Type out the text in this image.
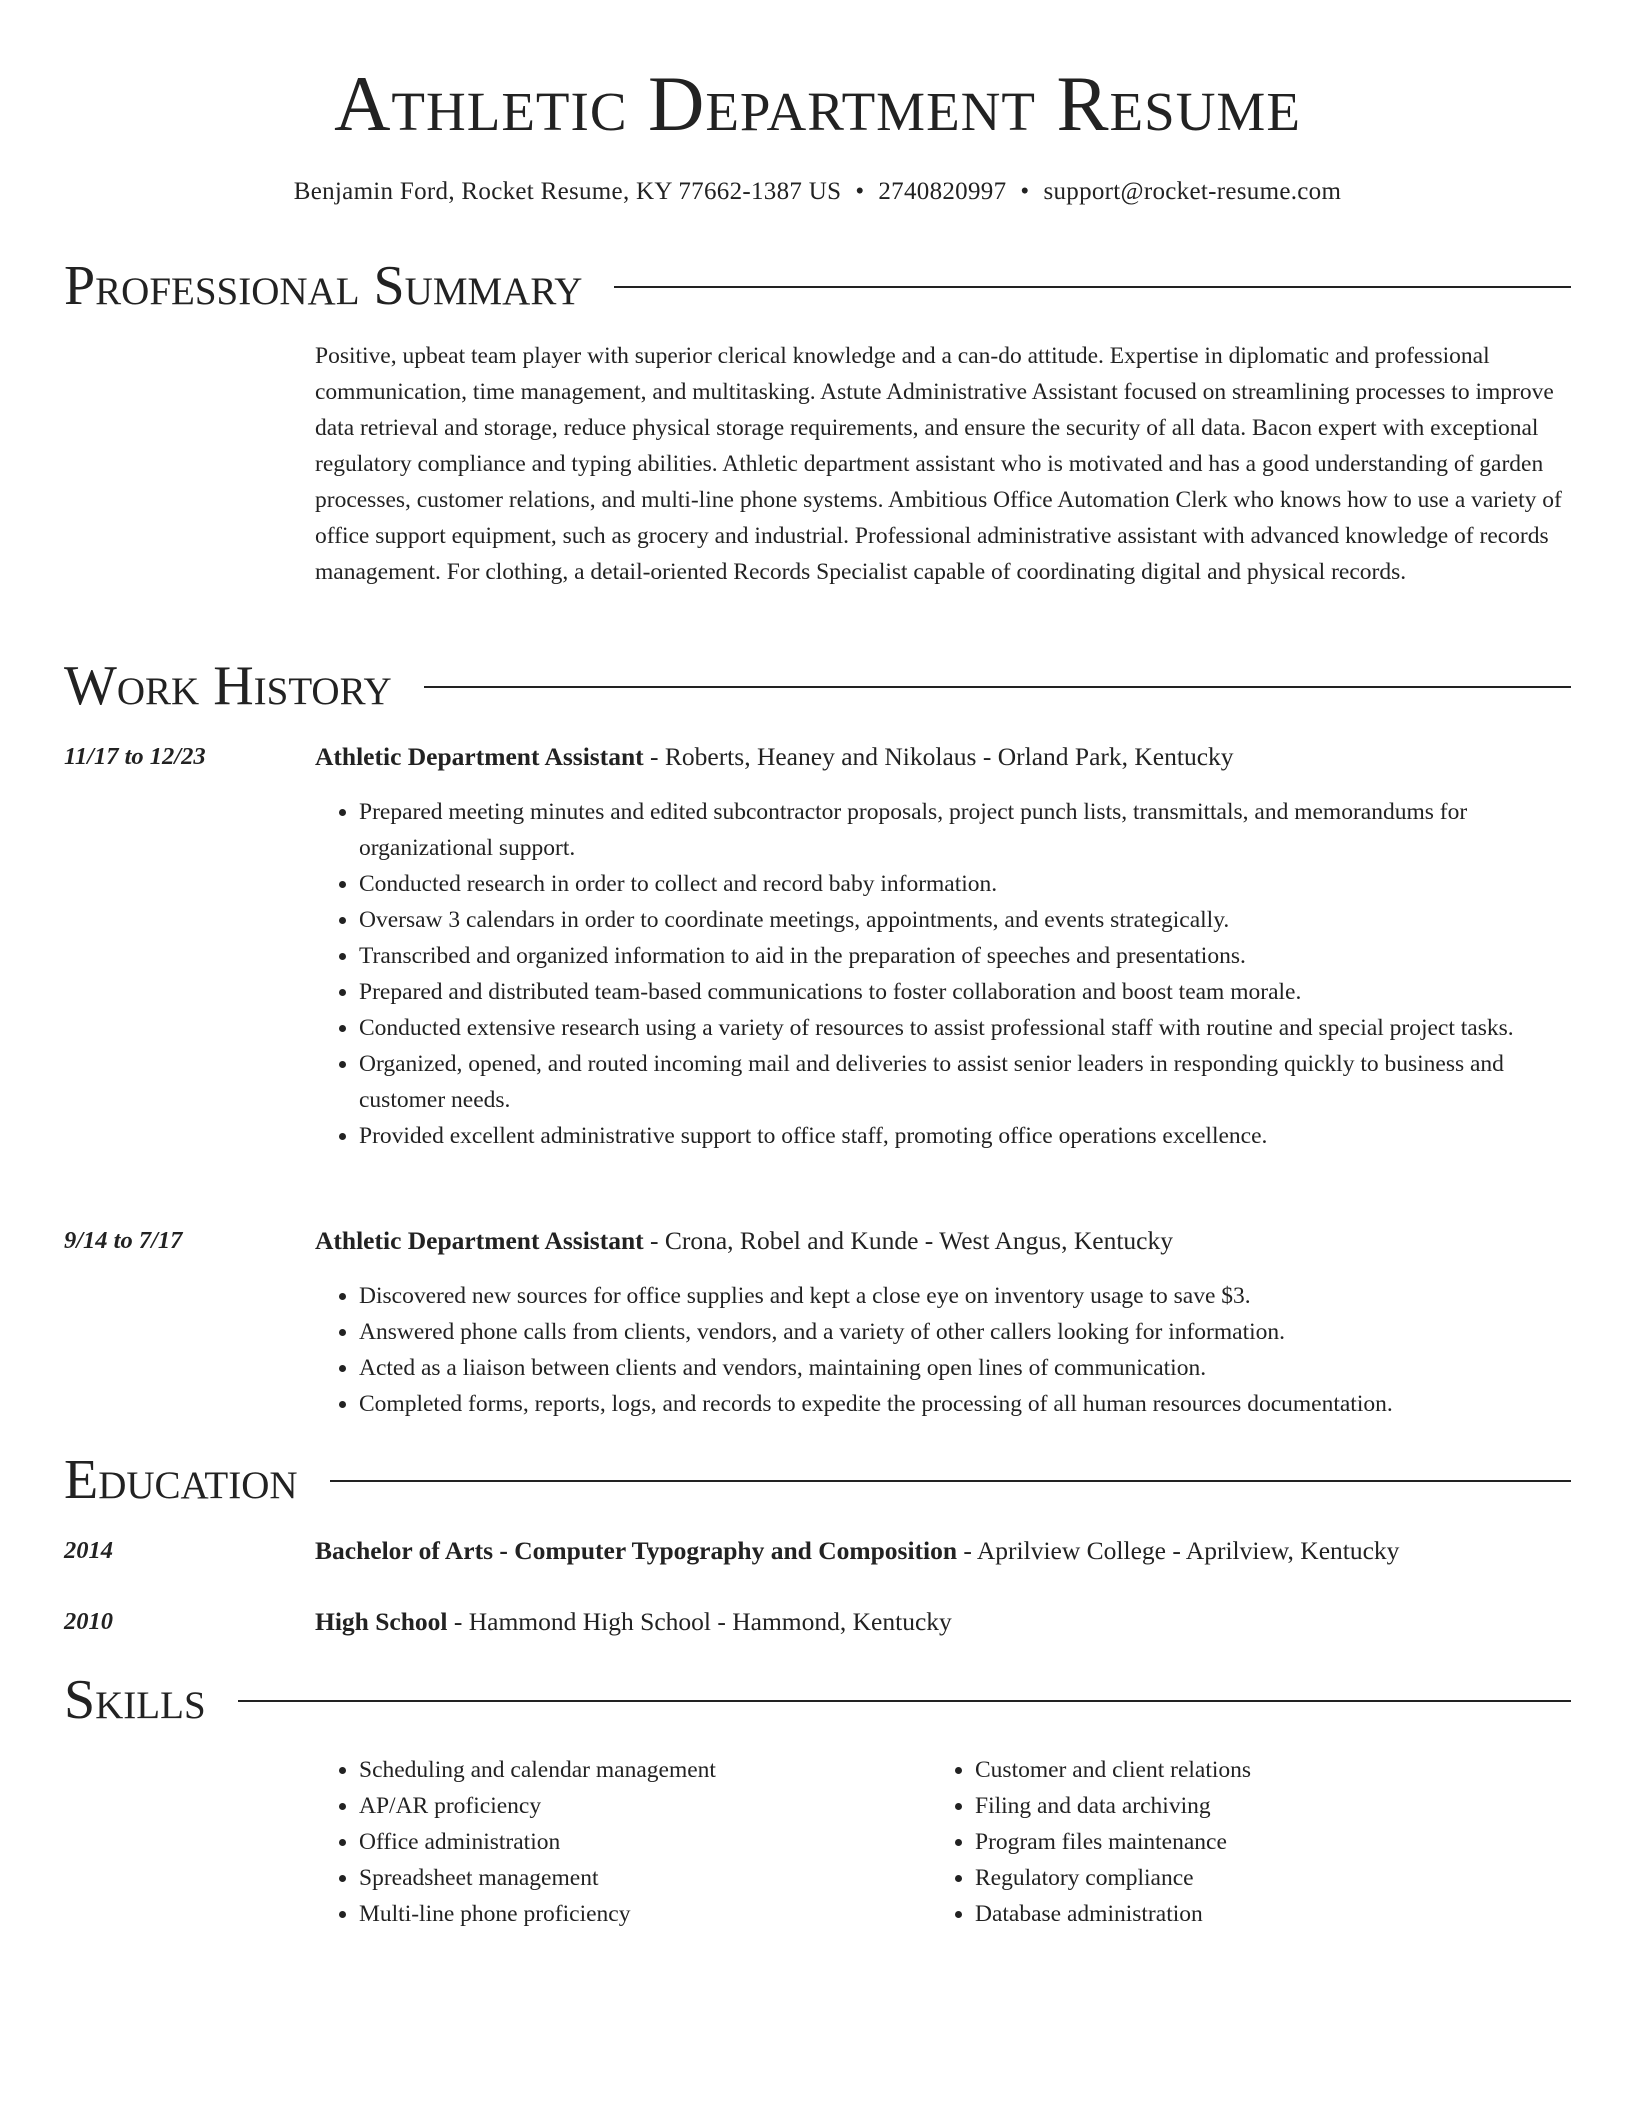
Athletic Department Resume
Benjamin Ford, Rocket Resume, KY 77662-1387 US • 2740820997 • support@rocket-resume.com
Professional Summary

Positive, upbeat team player with superior clerical knowledge and a can-do attitude. Expertise in diplomatic and professional communication, time management, and multitasking. Astute Administrative Assistant focused on streamlining processes to improve data retrieval and storage, reduce physical storage requirements, and ensure the security of all data. Bacon expert with exceptional regulatory compliance and typing abilities. Athletic department assistant who is motivated and has a good understanding of garden processes, customer relations, and multi-line phone systems. Ambitious Office Automation Clerk who knows how to use a variety of office support equipment, such as grocery and industrial. Professional administrative assistant with advanced knowledge of records management. For clothing, a detail-oriented Records Specialist capable of coordinating digital and physical records.

Work History
11/17 to 12/23	Athletic Department Assistant - Roberts, Heaney and Nikolaus - Orland Park, Kentucky
• Prepared meeting minutes and edited subcontractor proposals, project punch lists, transmittals, and memorandums for organizational support.
• Conducted research in order to collect and record baby information.
• Oversaw 3 calendars in order to coordinate meetings, appointments, and events strategically.
• Transcribed and organized information to aid in the preparation of speeches and presentations.
• Prepared and distributed team-based communications to foster collaboration and boost team morale.
• Conducted extensive research using a variety of resources to assist professional staff with routine and special project tasks.
• Organized, opened, and routed incoming mail and deliveries to assist senior leaders in responding quickly to business and customer needs.
• Provided excellent administrative support to office staff, promoting office operations excellence.
9/14 to 7/17	Athletic Department Assistant - Crona, Robel and Kunde - West Angus, Kentucky
• Discovered new sources for office supplies and kept a close eye on inventory usage to save $3.
• Answered phone calls from clients, vendors, and a variety of other callers looking for information.
• Acted as a liaison between clients and vendors, maintaining open lines of communication.
• Completed forms, reports, logs, and records to expedite the processing of all human resources documentation.
Education
2014	Bachelor of Arts - Computer Typography and Composition - Aprilview College - Aprilview, Kentucky
2010	High School - Hammond High School - Hammond, Kentucky
Skills
• Scheduling and calendar management
• AP/AR proficiency
• Office administration
• Spreadsheet management
• Multi-line phone proficiency
• Customer and client relations
• Filing and data archiving
• Program files maintenance
• Regulatory compliance
• Database administration
